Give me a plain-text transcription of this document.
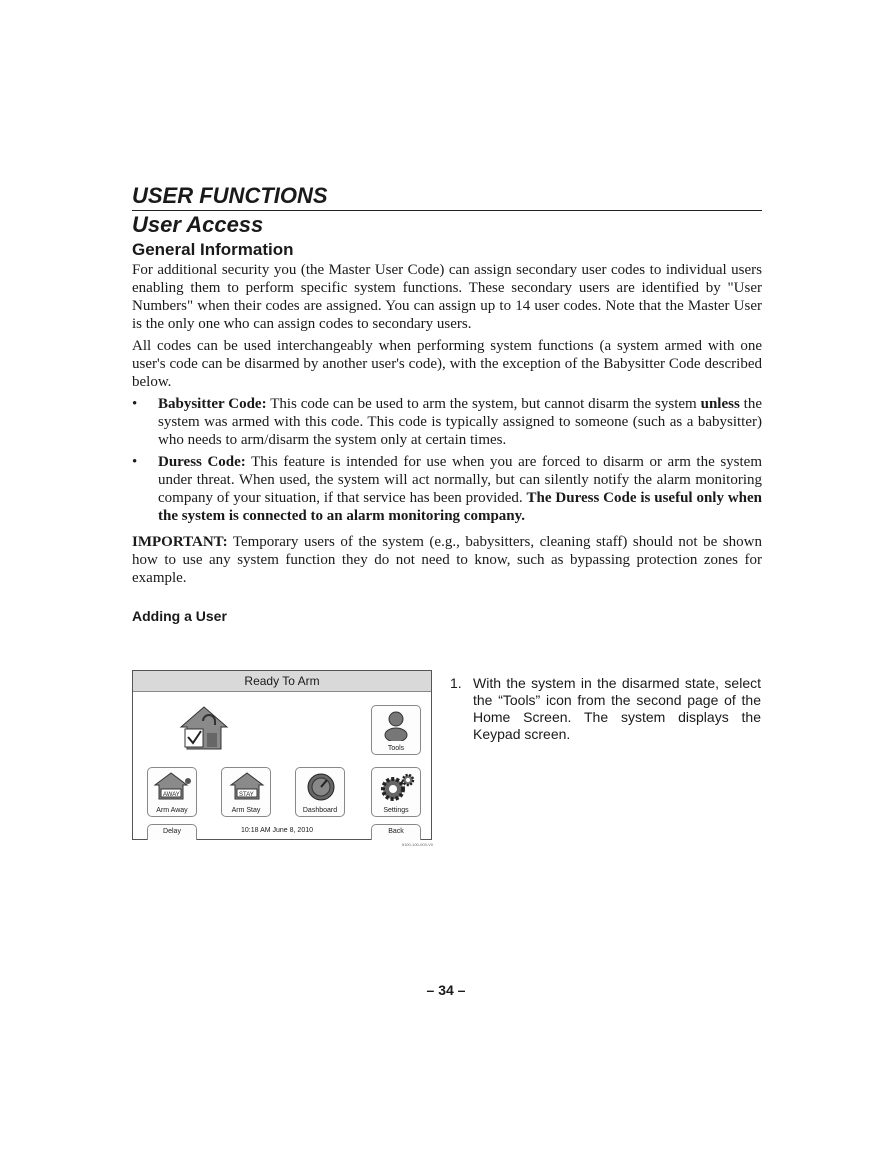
USER FUNCTIONS
User Access
General Information

For additional security you (the Master User Code) can assign secondary user codes to individual users enabling them to perform specific system functions. These secondary users are identified by "User Numbers" when their codes are assigned. You can assign up to 14 user codes. Note that the Master User is the only one who can assign codes to secondary users.

All codes can be used interchangeably when performing system functions (a system armed with one user's code can be disarmed by another user's code), with the exception of the Babysitter Code described below.

• Babysitter Code: This code can be used to arm the system, but cannot disarm the system unless the system was armed with this code. This code is typically assigned to someone (such as a babysitter) who needs to arm/disarm the system only at certain times.
• Duress Code: This feature is intended for use when you are forced to disarm or arm the system under threat. When used, the system will act normally, but can silently notify the alarm monitoring company of your situation, if that service has been provided. The Duress Code is useful only when the system is connected to an alarm monitoring company.

IMPORTANT: Temporary users of the system (e.g., babysitters, cleaning staff) should not be shown how to use any system function they do not need to know, such as bypassing protection zones for example.

Adding a User
Ready To Arm
Tools
AWAY
Arm Away
STAY
Arm Stay	Dashboard	Settings
Delay	10:18 AM June 8, 2010	Back
5100-100-003-V0
1. With the system in the disarmed state, select the “Tools” icon from the second page of the Home Screen. The system displays the Keypad screen.
– 34 –
